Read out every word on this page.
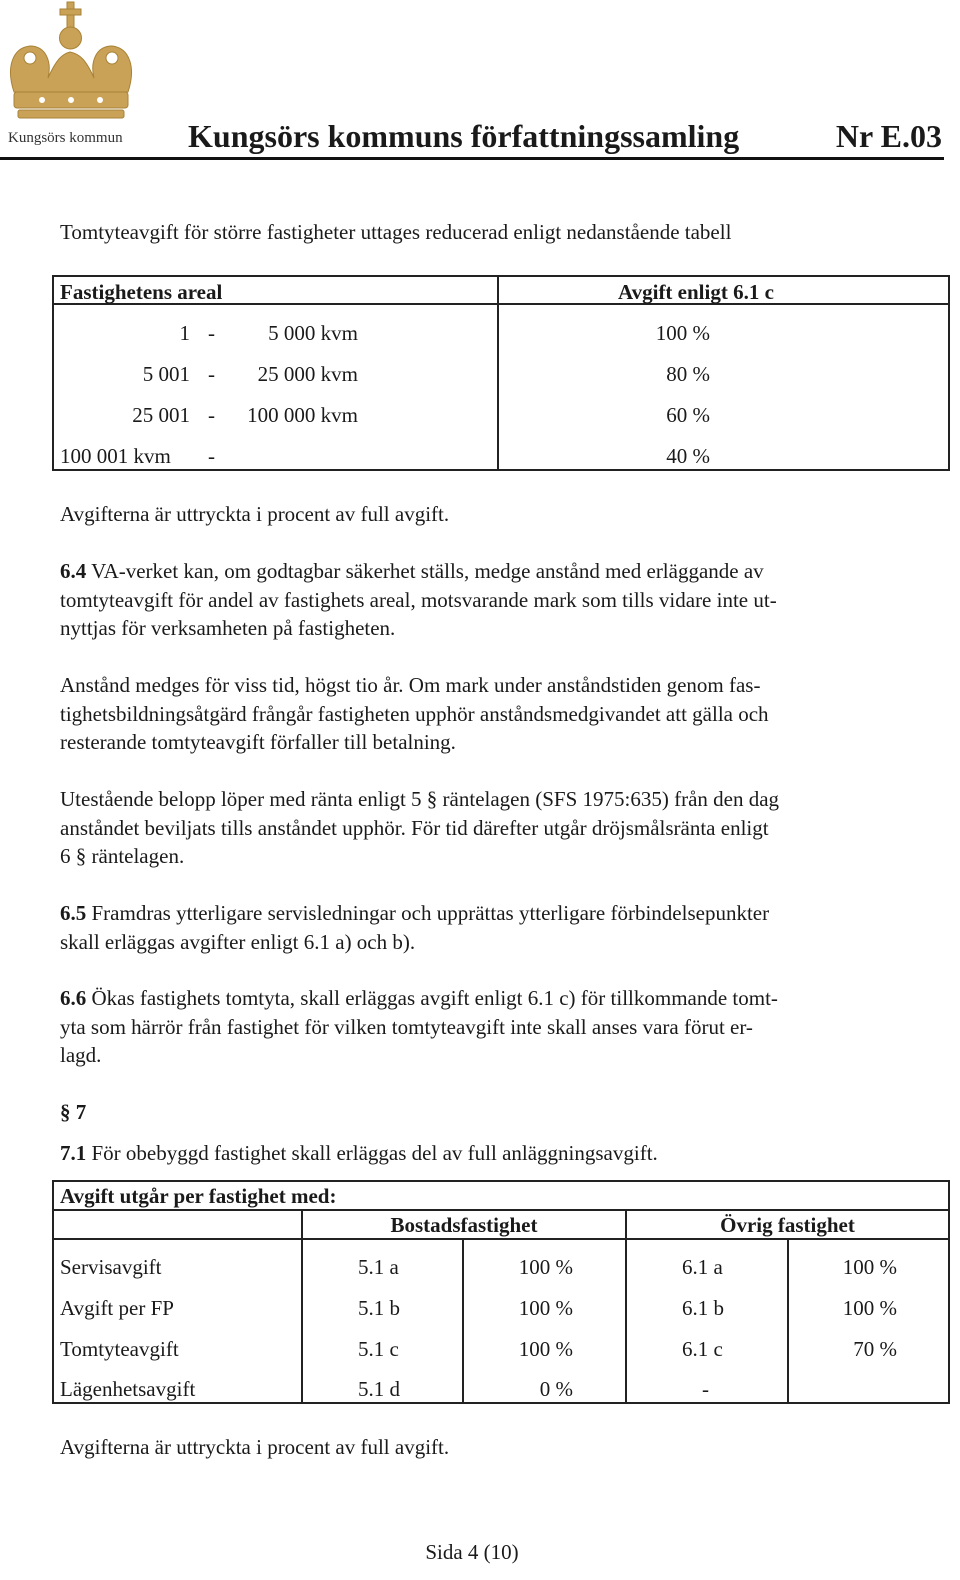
Kungsörs kommun Kungsörs kommuns författningssamling	Nr E.03
Tomtyteavgift för större fastigheter uttages reducerad enligt nedanstående tabell
Fastighetens areal	Avgift enligt 6.1 c
1 -	5 000 kvm	100 %
5 001 -	25 000 kvm	80 %
25 001 -	100 000 kvm	60 %
100 001 kvm -	40 %
Avgifterna är uttryckta i procent av full avgift.
6.4 VA-verket kan, om godtagbar säkerhet ställs, medge anstånd med erläggande av
tomtyteavgift för andel av fastighets areal, motsvarande mark som tills vidare inte ut-
nyttjas för verksamheten på fastigheten.
Anstånd medges för viss tid, högst tio år. Om mark under anståndstiden genom fas-
tighetsbildningsåtgärd frångår fastigheten upphör anståndsmedgivandet att gälla och
resterande tomtyteavgift förfaller till betalning.
Utestående belopp löper med ränta enligt 5 § räntelagen (SFS 1975:635) från den dag
anståndet beviljats tills anståndet upphör. För tid därefter utgår dröjsmålsränta enligt
6 § räntelagen.
6.5 Framdras ytterligare servisledningar och upprättas ytterligare förbindelsepunkter
skall erläggas avgifter enligt 6.1 a) och b).
6.6 Ökas fastighets tomtyta, skall erläggas avgift enligt 6.1 c) för tillkommande tomt-
yta som härrör från fastighet för vilken tomtyteavgift inte skall anses vara förut er-
lagd.
§ 7
7.1 För obebyggd fastighet skall erläggas del av full anläggningsavgift.
Avgift utgår per fastighet med:
Bostadsfastighet	Övrig fastighet
Servisavgift	5.1 a	100 %	6.1 a	100 %
Avgift per FP	5.1 b	100 %	6.1 b	100 %
Tomtyteavgift	5.1 c	100 %	6.1 c	70 %
Lägenhetsavgift	5.1 d	0 %	-
Avgifterna är uttryckta i procent av full avgift.
Sida 4 (10)
